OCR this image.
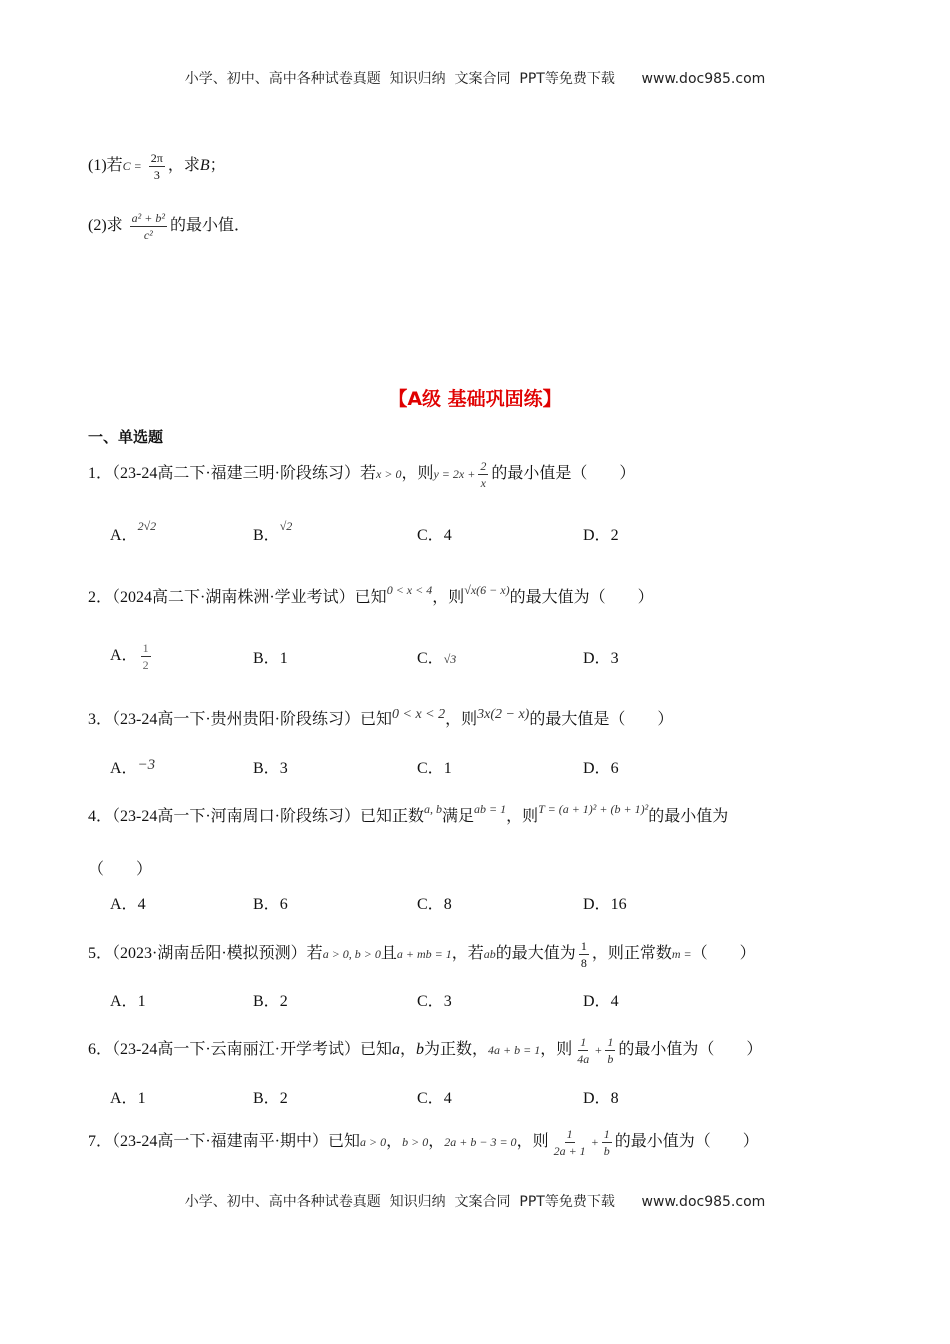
小学、初中、高中各种试卷真题  知识归纳  文案合同  PPT等免费下载      www.doc985.com
(1)若$C = \frac{2\pi}{3}$ ，求B；
(2)求 $\frac{\text{a² + b²}}{\text{c²}}$ 的最小值．
【A级 基础巩固练】
一、单选题
1．（23-24高二下·福建三明·阶段练习）若x > 0，则$y = 2x + \frac{2}{x}$ 的最小值是（　　）
A．$^{2√2}$
B．$^{√2}$
C．4	D．2
2．（2024高二下·湖南株洲·学业考试）已知$^{0 < x < 4}$，则$^{√x(6 - x)}$的最大值为（　　）
A． $\frac{1}{2}$	B．1	C．√3	D．3
3．（23-24高一下·贵州贵阳·阶段练习）已知0 < x < 2，则3x(2 − x)的最大值是（　　）
A．−3	B．3	C．1	D．6
4．（23-24高一下·河南周口·阶段练习）已知正数$^{a, b}$满足$^{ab = 1}$，则$^{T = (a + 1)^2 + (b + 1)^2}$的最小值为
（　　）
A．4	B．6	C．8	D．16
5．（2023·湖南岳阳·模拟预测）若a > 0, b > 0且a + mb = 1，若ab的最大值为 $\frac{1}{8}$ ，则正常数m =（　　）
A．1	B．2	C．3	D．4
6．（23-24高一下·云南丽江·开学考试）已知a，b为正数，4a + b = 1，则 $\frac{1}{4a} + \frac{1}{b}$ 的最小值为（　　）
A．1	B．2	C．4	D．8
7．（23-24高一下·福建南平·期中）已知a > 0，b > 0，2a + b − 3 = 0，则 $\frac{1}{2a + 1} + \frac{1}{b}$ 的最小值为（　　）
小学、初中、高中各种试卷真题  知识归纳  文案合同  PPT等免费下载      www.doc985.com
